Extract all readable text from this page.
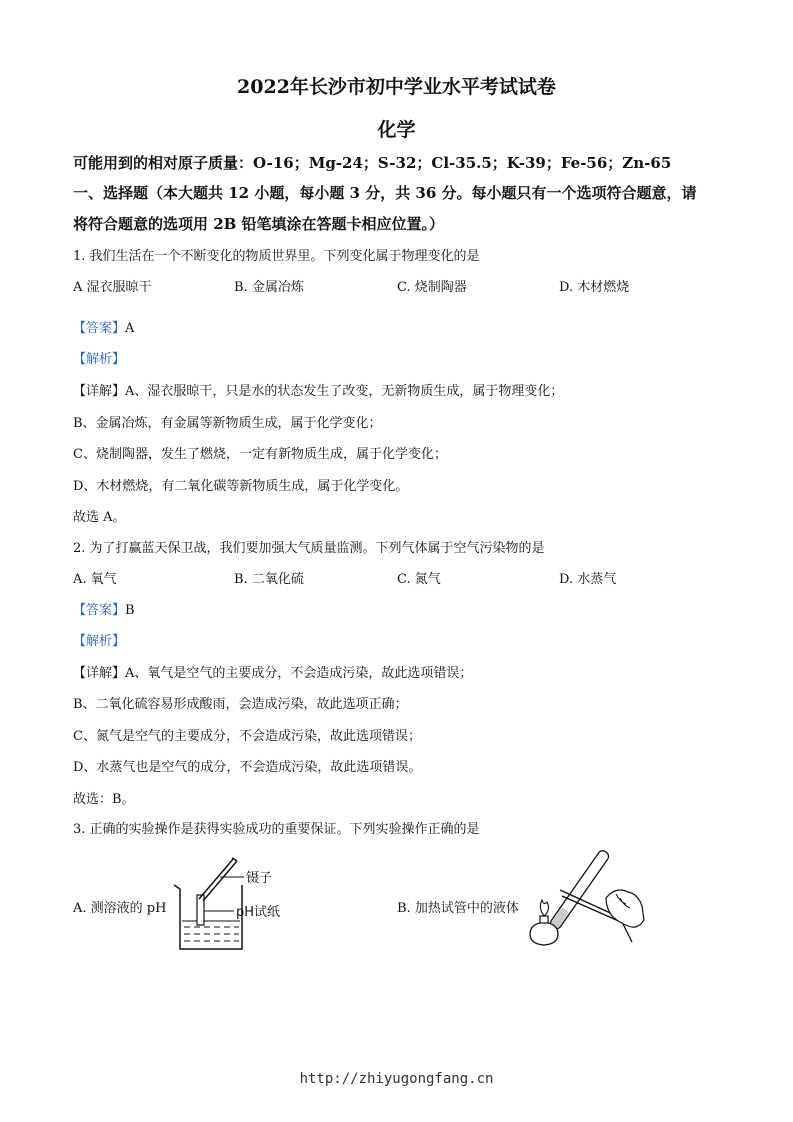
2022年长沙市初中学业水平考试试卷
化学
可能用到的相对原子质量：O-16；Mg-24；S-32；Cl-35.5；K-39；Fe-56；Zn-65
一、选择题（本大题共 12 小题，每小题 3 分，共 36 分。每小题只有一个选项符合题意，请
将符合题意的选项用 2B 铅笔填涂在答题卡相应位置。）
1. 我们生活在一个不断变化的物质世界里。下列变化属于物理变化的是
A 湿衣服晾干	B. 金属冶炼	C. 烧制陶器	D. 木材燃烧
【答案】A
【解析】
【详解】A、湿衣服晾干，只是水的状态发生了改变，无新物质生成，属于物理变化；
B、金属冶炼，有金属等新物质生成，属于化学变化；
C、烧制陶器，发生了燃烧，一定有新物质生成，属于化学变化；
D、木材燃烧，有二氧化碳等新物质生成，属于化学变化。
故选 A。
2. 为了打赢蓝天保卫战，我们要加强大气质量监测。下列气体属于空气污染物的是
A. 氧气	B. 二氧化硫	C. 氮气	D. 水蒸气
【答案】B
【解析】
【详解】A、氧气是空气的主要成分，不会造成污染，故此选项错误；
B、二氧化硫容易形成酸雨，会造成污染，故此选项正确；
C、氮气是空气的主要成分，不会造成污染，故此选项错误；
D、水蒸气也是空气的成分，不会造成污染，故此选项错误。
故选：B。
3. 正确的实验操作是获得实验成功的重要保证。下列实验操作正确的是
A. 测溶液的 pH	B. 加热试管中的液体
镊子
pH试纸
http://zhiyugongfang.cn
